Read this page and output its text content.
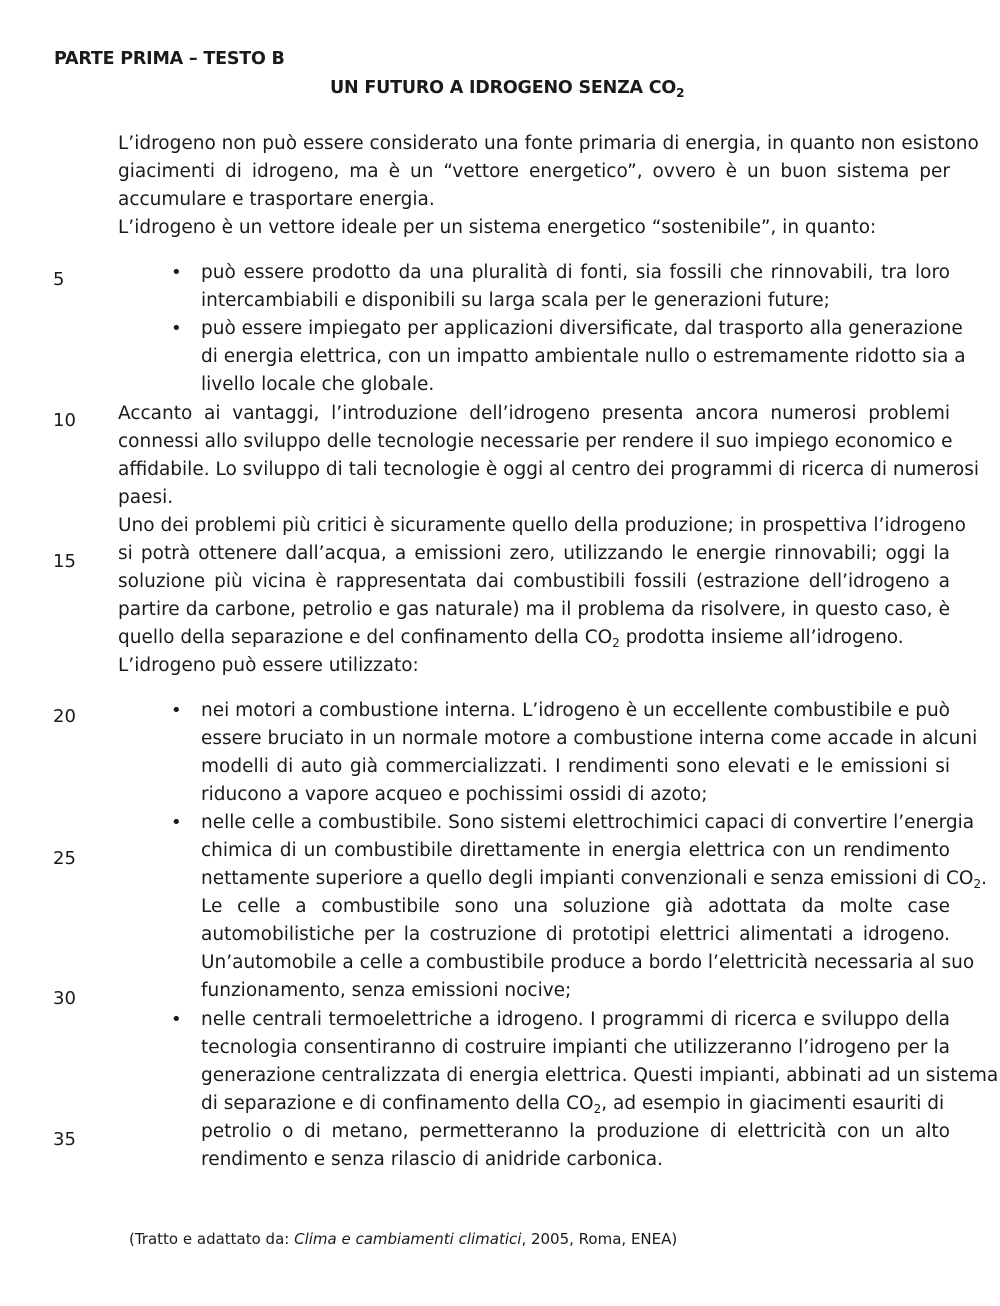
PARTE PRIMA – TESTO B
UN FUTURO A IDROGENO SENZA $CO_2$
5
10
15
20
25
30
35
L’idrogeno non può essere considerato una fonte primaria di energia, in quanto non esistono
giacimenti di idrogeno, ma è un “vettore energetico”, ovvero è un buon sistema per
accumulare e trasportare energia.
L’idrogeno è un vettore ideale per un sistema energetico “sostenibile”, in quanto:
• può essere prodotto da una pluralità di fonti, sia fossili che rinnovabili, tra loro
intercambiabili e disponibili su larga scala per le generazioni future;
• può essere impiegato per applicazioni diversificate, dal trasporto alla generazione
di energia elettrica, con un impatto ambientale nullo o estremamente ridotto sia a
livello locale che globale.
Accanto ai vantaggi, l’introduzione dell’idrogeno presenta ancora numerosi problemi
connessi allo sviluppo delle tecnologie necessarie per rendere il suo impiego economico e
affidabile. Lo sviluppo di tali tecnologie è oggi al centro dei programmi di ricerca di numerosi
paesi.
Uno dei problemi più critici è sicuramente quello della produzione; in prospettiva l’idrogeno
si potrà ottenere dall’acqua, a emissioni zero, utilizzando le energie rinnovabili; oggi la
soluzione più vicina è rappresentata dai combustibili fossili (estrazione dell’idrogeno a
partire da carbone, petrolio e gas naturale) ma il problema da risolvere, in questo caso, è
quello della separazione e del confinamento della $CO_2$ prodotta insieme all’idrogeno.
L’idrogeno può essere utilizzato:
• nei motori a combustione interna. L’idrogeno è un eccellente combustibile e può
essere bruciato in un normale motore a combustione interna come accade in alcuni
modelli di auto già commercializzati. I rendimenti sono elevati e le emissioni si
riducono a vapore acqueo e pochissimi ossidi di azoto;
• nelle celle a combustibile. Sono sistemi elettrochimici capaci di convertire l’energia
chimica di un combustibile direttamente in energia elettrica con un rendimento
nettamente superiore a quello degli impianti convenzionali e senza emissioni di $CO_2$.
Le celle a combustibile sono una soluzione già adottata da molte case
automobilistiche per la costruzione di prototipi elettrici alimentati a idrogeno.
Un’automobile a celle a combustibile produce a bordo l’elettricità necessaria al suo
funzionamento, senza emissioni nocive;
• nelle centrali termoelettriche a idrogeno. I programmi di ricerca e sviluppo della
tecnologia consentiranno di costruire impianti che utilizzeranno l’idrogeno per la
generazione centralizzata di energia elettrica. Questi impianti, abbinati ad un sistema
di separazione e di confinamento della $CO_2$, ad esempio in giacimenti esauriti di
petrolio o di metano, permetteranno la produzione di elettricità con un alto
rendimento e senza rilascio di anidride carbonica.
(Tratto e adattato da: Clima e cambiamenti climatici, 2005, Roma, ENEA)
